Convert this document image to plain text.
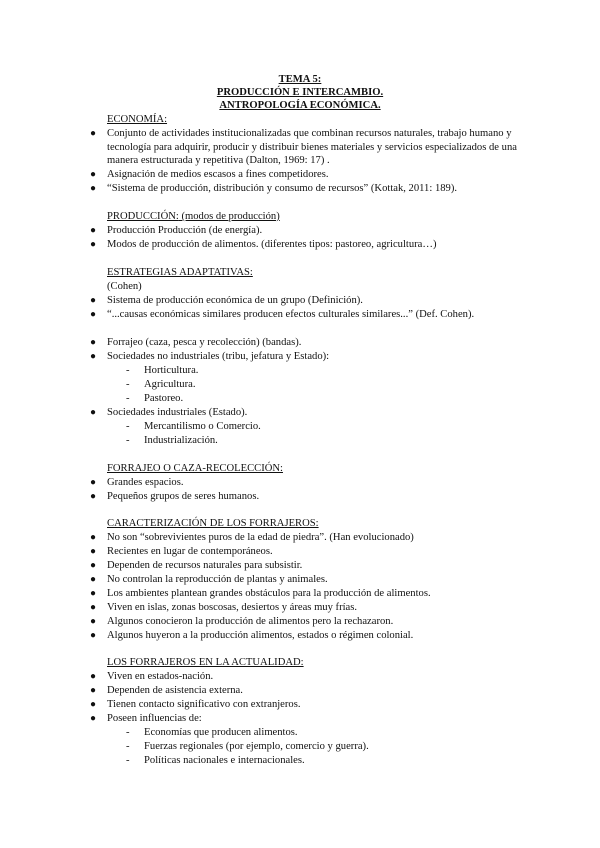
TEMA 5:
PRODUCCIÓN E INTERCAMBIO.
ANTROPOLOGÍA ECONÓMICA.
ECONOMÍA:
● Conjunto de actividades institucionalizadas que combinan recursos naturales, trabajo humano y tecnología para adquirir, producir y distribuir bienes materiales y servicios especializados de una manera estructurada y repetitiva (Dalton, 1969: 17) .
● Asignación de medios escasos a fines competidores.
● “Sistema de producción, distribución y consumo de recursos” (Kottak, 2011: 189).
PRODUCCIÓN: (modos de producción)
● Producción Producción (de energía).
● Modos de producción de alimentos. (diferentes tipos: pastoreo, agricultura…)
ESTRATEGIAS ADAPTATIVAS:
(Cohen)
● Sistema de producción económica de un grupo (Definición).
● “...causas económicas similares producen efectos culturales similares...” (Def. Cohen).
● Forrajeo (caza, pesca y recolección) (bandas).
● Sociedades no industriales (tribu, jefatura y Estado):
- Horticultura.
- Agricultura.
- Pastoreo.
● Sociedades industriales (Estado).
- Mercantilismo o Comercio.
- Industrialización.
FORRAJEO O CAZA-RECOLECCIÓN:
● Grandes espacios.
● Pequeños grupos de seres humanos.
CARACTERIZACIÓN DE LOS FORRAJEROS:
● No son “sobrevivientes puros de la edad de piedra”. (Han evolucionado)
● Recientes en lugar de contemporáneos.
● Dependen de recursos naturales para subsistir.
● No controlan la reproducción de plantas y animales.
● Los ambientes plantean grandes obstáculos para la producción de alimentos.
● Viven en islas, zonas boscosas, desiertos y áreas muy frías.
● Algunos conocieron la producción de alimentos pero la rechazaron.
● Algunos huyeron a la producción alimentos, estados o régimen colonial.
LOS FORRAJEROS EN LA ACTUALIDAD:
● Viven en estados-nación.
● Dependen de asistencia externa.
● Tienen contacto significativo con extranjeros.
● Poseen influencias de:
- Economías que producen alimentos.
- Fuerzas regionales (por ejemplo, comercio y guerra).
- Políticas nacionales e internacionales.
